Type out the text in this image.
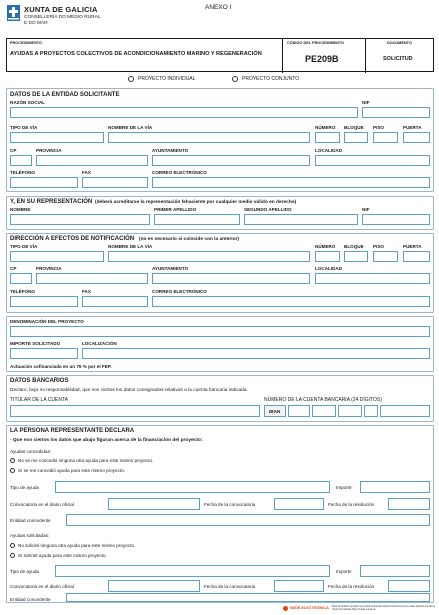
XUNTA DE GALICIA
CONSELLERÍA DO MEDIO RURAL
E DO MAR
ANEXO I
PROCEDIMIENTO
AYUDAS A PROYECTOS COLECTIVOS DE ACONDICIONAMIENTO MARINO Y REGENERACIÓN
CÓDIGO DEL PROCEDIMIENTO
PE209B
DOCUMENTO
SOLICITUD
PROYECTO INDIVIDUAL	PROYECTO CONJUNTO
DATOS DE LA ENTIDAD SOLICITANTE
RAZÓN SOCIAL	NIF
TIPO DE VÍA	NOMBRE DE LA VÍA	NÚMERO BLOQUE PISO	PUERTA
CP	PROVINCIA	AYUNTAMIENTO	LOCALIDAD
TELÉFONO	FAX	CORREO ELECTRÓNICO
Y, EN SU REPRESENTACIÓN (deberá acreditarse la representación fehaciente por cualquier medio válido en derecho)
NOMBRE	PRIMER APELLIDO	SEGUNDO APELLIDO	NIF
DIRECCIÓN A EFECTOS DE NOTIFICACIÓN (no es necesario si coincide con la anterior)
TIPO DE VÍA	NOMBRE DE LA VÍA	NÚMERO BLOQUE PISO	PUERTA
CP	PROVINCIA	AYUNTAMIENTO	LOCALIDAD
TELÉFONO	FAX	CORREO ELECTRÓNICO
DENOMINACIÓN DEL PROYECTO
IMPORTE SOLICITADO	LOCALIZACIÓN
Actuación cofinanciada en un 75 % por el FEP.
DATOS BANCARIOS
Declaro, bajo mi responsabilidad, que son ciertos los datos consignados relativos a la cuenta bancaria indicada.
TITULAR DE LA CUENTA	NÚMERO DE LA CUENTA BANCARIA (24 DÍGITOS)
IBAN
LA PERSONA REPRESENTANTE DECLARA
- Que son ciertos los datos que abajo figuran acerca de la financiación del proyecto:
Ayudas concedidas:
No se me concedió ninguna otra ayuda para este mismo proyecto.
Sí se me concedió ayuda para este mismo proyecto.
Tipo de ayuda	Importe
Convocatoria en el diario oficial	Fecha de la convocatoria	Fecha de la resolución
Entidad concedente
Ayudas solicitadas:
No solicité ninguna otra ayuda para este mismo proyecto.
Sí solicité ayuda para este mismo proyecto.
Tipo de ayuda	Importe
Convocatoria en el diario oficial	Fecha de la convocatoria	Fecha de la resolución
Entidad concedente
SEDE ELECTRÓNICA Este formulario también se podrá presentar electrónicamente en la sede electrónica de la Xunta de Galicia https://sede.xunta.es
